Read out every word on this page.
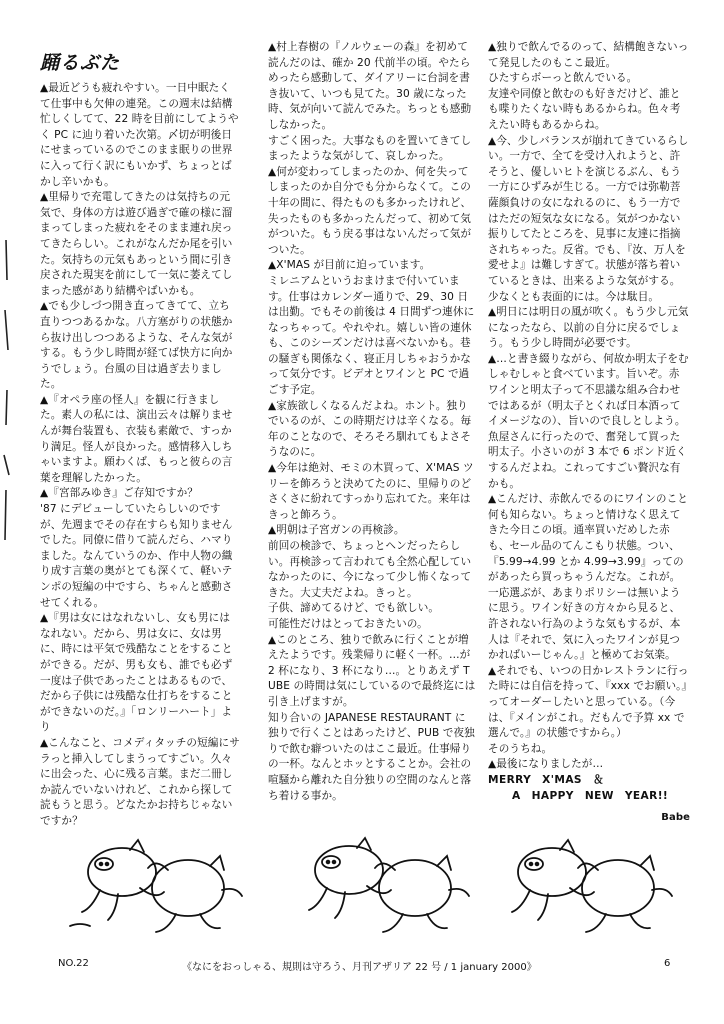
踊るぶた

▲最近どうも疲れやすい。一日中眠たくて仕事中も欠伸の連発。この週末は結構忙しくしてて、22 時を目前にしてようやく PC に辿り着いた次第。〆切が明後日にせまっているのでこのまま眠りの世界に入って行く訳にもいかず、ちょっとばかし辛いかも。

▲里帰りで充電してきたのは気持ちの元気で、身体の方は遊び過ぎで確の様に溜まってしまった疲れをそのまま連れ戻ってきたらしい。これがなんだか尾を引いた。気持ちの元気もあっという間に引き戻された現実を前にして一気に萎えてしまった感があり結構やばいかも。

▲でも少しづつ開き直ってきてて、立ち直りつつあるかな。八方塞がりの状態から抜け出しつつあるような、そんな気がする。もう少し時間が経てば快方に向かうでしょう。台風の目は過ぎ去りました。

▲『オペラ座の怪人』を観に行きました。素人の私には、演出云々は解りませんが舞台装置も、衣装も素敵で、すっかり満足。怪人が良かった。感情移入しちゃいますよ。願わくば、もっと彼らの言葉を理解したかった。

▲『宮部みゆき』ご存知ですか？

'87 にデビューしていたらしいのですが、先週までその存在すらも知りませんでした。同僚に借りて読んだら、ハマりました。なんていうのか、作中人物の織り成す言葉の奥がとても深くて、軽いテンポの短編の中ですら、ちゃんと感動させてくれる。

▲『男は女にはなれないし、女も男にはなれない。だから、男は女に、女は男に、時には平気で残酷なことをすることができる。だが、男も女も、誰でも必ず一度は子供であったことはあるもので、だから子供には残酷な仕打ちをすることができないのだ。』「ロンリーハート」より

▲こんなこと、コメディタッチの短編にサラっと挿入してしまうってすごい。久々に出会った、心に残る言葉。まだ二冊しか読んでいないけれど、これから探して読もうと思う。どなたかお持ちじゃないですか？

▲村上春樹の『ノルウェーの森』を初めて読んだのは、確か 20 代前半の頃。やたらめったら感動して、ダイアリーに台詞を書き抜いて、いつも見てた。30 歳になった時、気が向いて読んでみた。ちっとも感動しなかった。

すごく困った。大事なものを置いてきてしまったような気がして、哀しかった。

▲何が変わってしまったのか、何を失ってしまったのか自分でも分からなくて。この十年の間に、得たものも多かったけれど、失ったものも多かったんだって、初めて気がついた。もう戻る事はないんだって気がついた。

▲X'MAS が目前に迫っています。

ミレニアムというおまけまで付いています。仕事はカレンダー通りで、29、30 日は出勤。でもその前後は 4 日間ずつ連休になっちゃって。やれやれ。嬉しい皆の連休も、このシーズンだけは喜べないかも。巷の騒ぎも関係なく、寝正月しちゃおうかなって気分です。ビデオとワインと PC で過ごす予定。

▲家族欲しくなるんだよね。ホント。独りでいるのが、この時期だけは辛くなる。毎年のことなので、そろそろ馴れてもよさそうなのに。

▲今年は絶対、モミの木買って、X'MAS ツリーを飾ろうと決めてたのに、里帰りのどさくさに紛れてすっかり忘れてた。来年はきっと飾ろう。

▲明朝は子宮ガンの再検診。

前回の検診で、ちょっとヘンだったらしい。再検診って言われても全然心配していなかったのに、今になって少し怖くなってきた。大丈夫だよね。きっと。

子供、諦めてるけど、でも欲しい。

可能性だけはとっておきたいの。

▲このところ、独りで飲みに行くことが増えたようです。残業帰りに軽く一杯。…が 2 杯になり、3 杯になり…。とりあえず TUBE の時間は気にしているので最終迄には引き上げますが。

知り合いの JAPANESE RESTAURANT に独りで行くことはあったけど、PUB で夜独りで飲む癖ついたのはここ最近。仕事帰りの一杯。なんとホッとすることか。会社の喧騒から離れた自分独りの空間のなんと落ち着ける事か。

▲独りで飲んでるのって、結構飽きないって発見したのもここ最近。

ひたすらボーっと飲んでいる。

友達や同僚と飲むのも好きだけど、誰とも喋りたくない時もあるからね。色々考えたい時もあるからね。

▲今、少しバランスが崩れてきているらしい。一方で、全てを受け入れようと、許そうと、優しいヒトを演じるぶん、もう一方にひずみが生じる。一方では弥勒菩薩顔負けの女になれるのに、もう一方ではただの短気な女になる。気がつかない振りしてたところを、見事に友達に指摘されちゃった。反省。でも、『汝、万人を愛せよ』は難しすぎて。状態が落ち着いているときは、出来るような気がする。少なくとも表面的には。今は駄目。

▲明日には明日の風が吹く。もう少し元気になったなら、以前の自分に戻るでしょう。もう少し時間が必要です。

▲…と書き綴りながら、何故か明太子をむしゃむしゃと食べています。旨いぞ。赤ワインと明太子って不思議な組み合わせではあるが（明太子とくれば日本酒ってイメージなの）、旨いので良しとしよう。魚屋さんに行ったので、奮発して買った明太子。小さいのが 3 本で 6 ポンド近くするんだよね。これってすごい贅沢な有かも。

▲こんだけ、赤飲んでるのにワインのこと何も知らない。ちょっと情けなく思えてきた今日この頃。通率買いだめした赤も、セール品のてんこもり状態。つい、『5.99→4.99 とか 4.99→3.99』ってのがあったら買っちゃうんだな。これが。

一応選ぶが、あまりポリシーは無いように思う。ワイン好きの方々から見ると、許されない行為のような気もするが、本人は『それで、気に入ったワインが見つかればいーじゃん。』と極めてお気楽。

▲それでも、いつの日かレストランに行った時には自信を持って、『xxx でお願い。』ってオーダーしたいと思っている。（今は、『メインがこれ。だもんで予算 xx で選んで。』の状態ですから。）

そのうちね。

▲最後になりましたが…

MERRY　X'MAS　＆

A　HAPPY　NEW　YEAR!!

Babe
NO.22	《なにをおっしゃる、規則は守ろう、月刊アザリア 22 号 / 1 january 2000》	6
